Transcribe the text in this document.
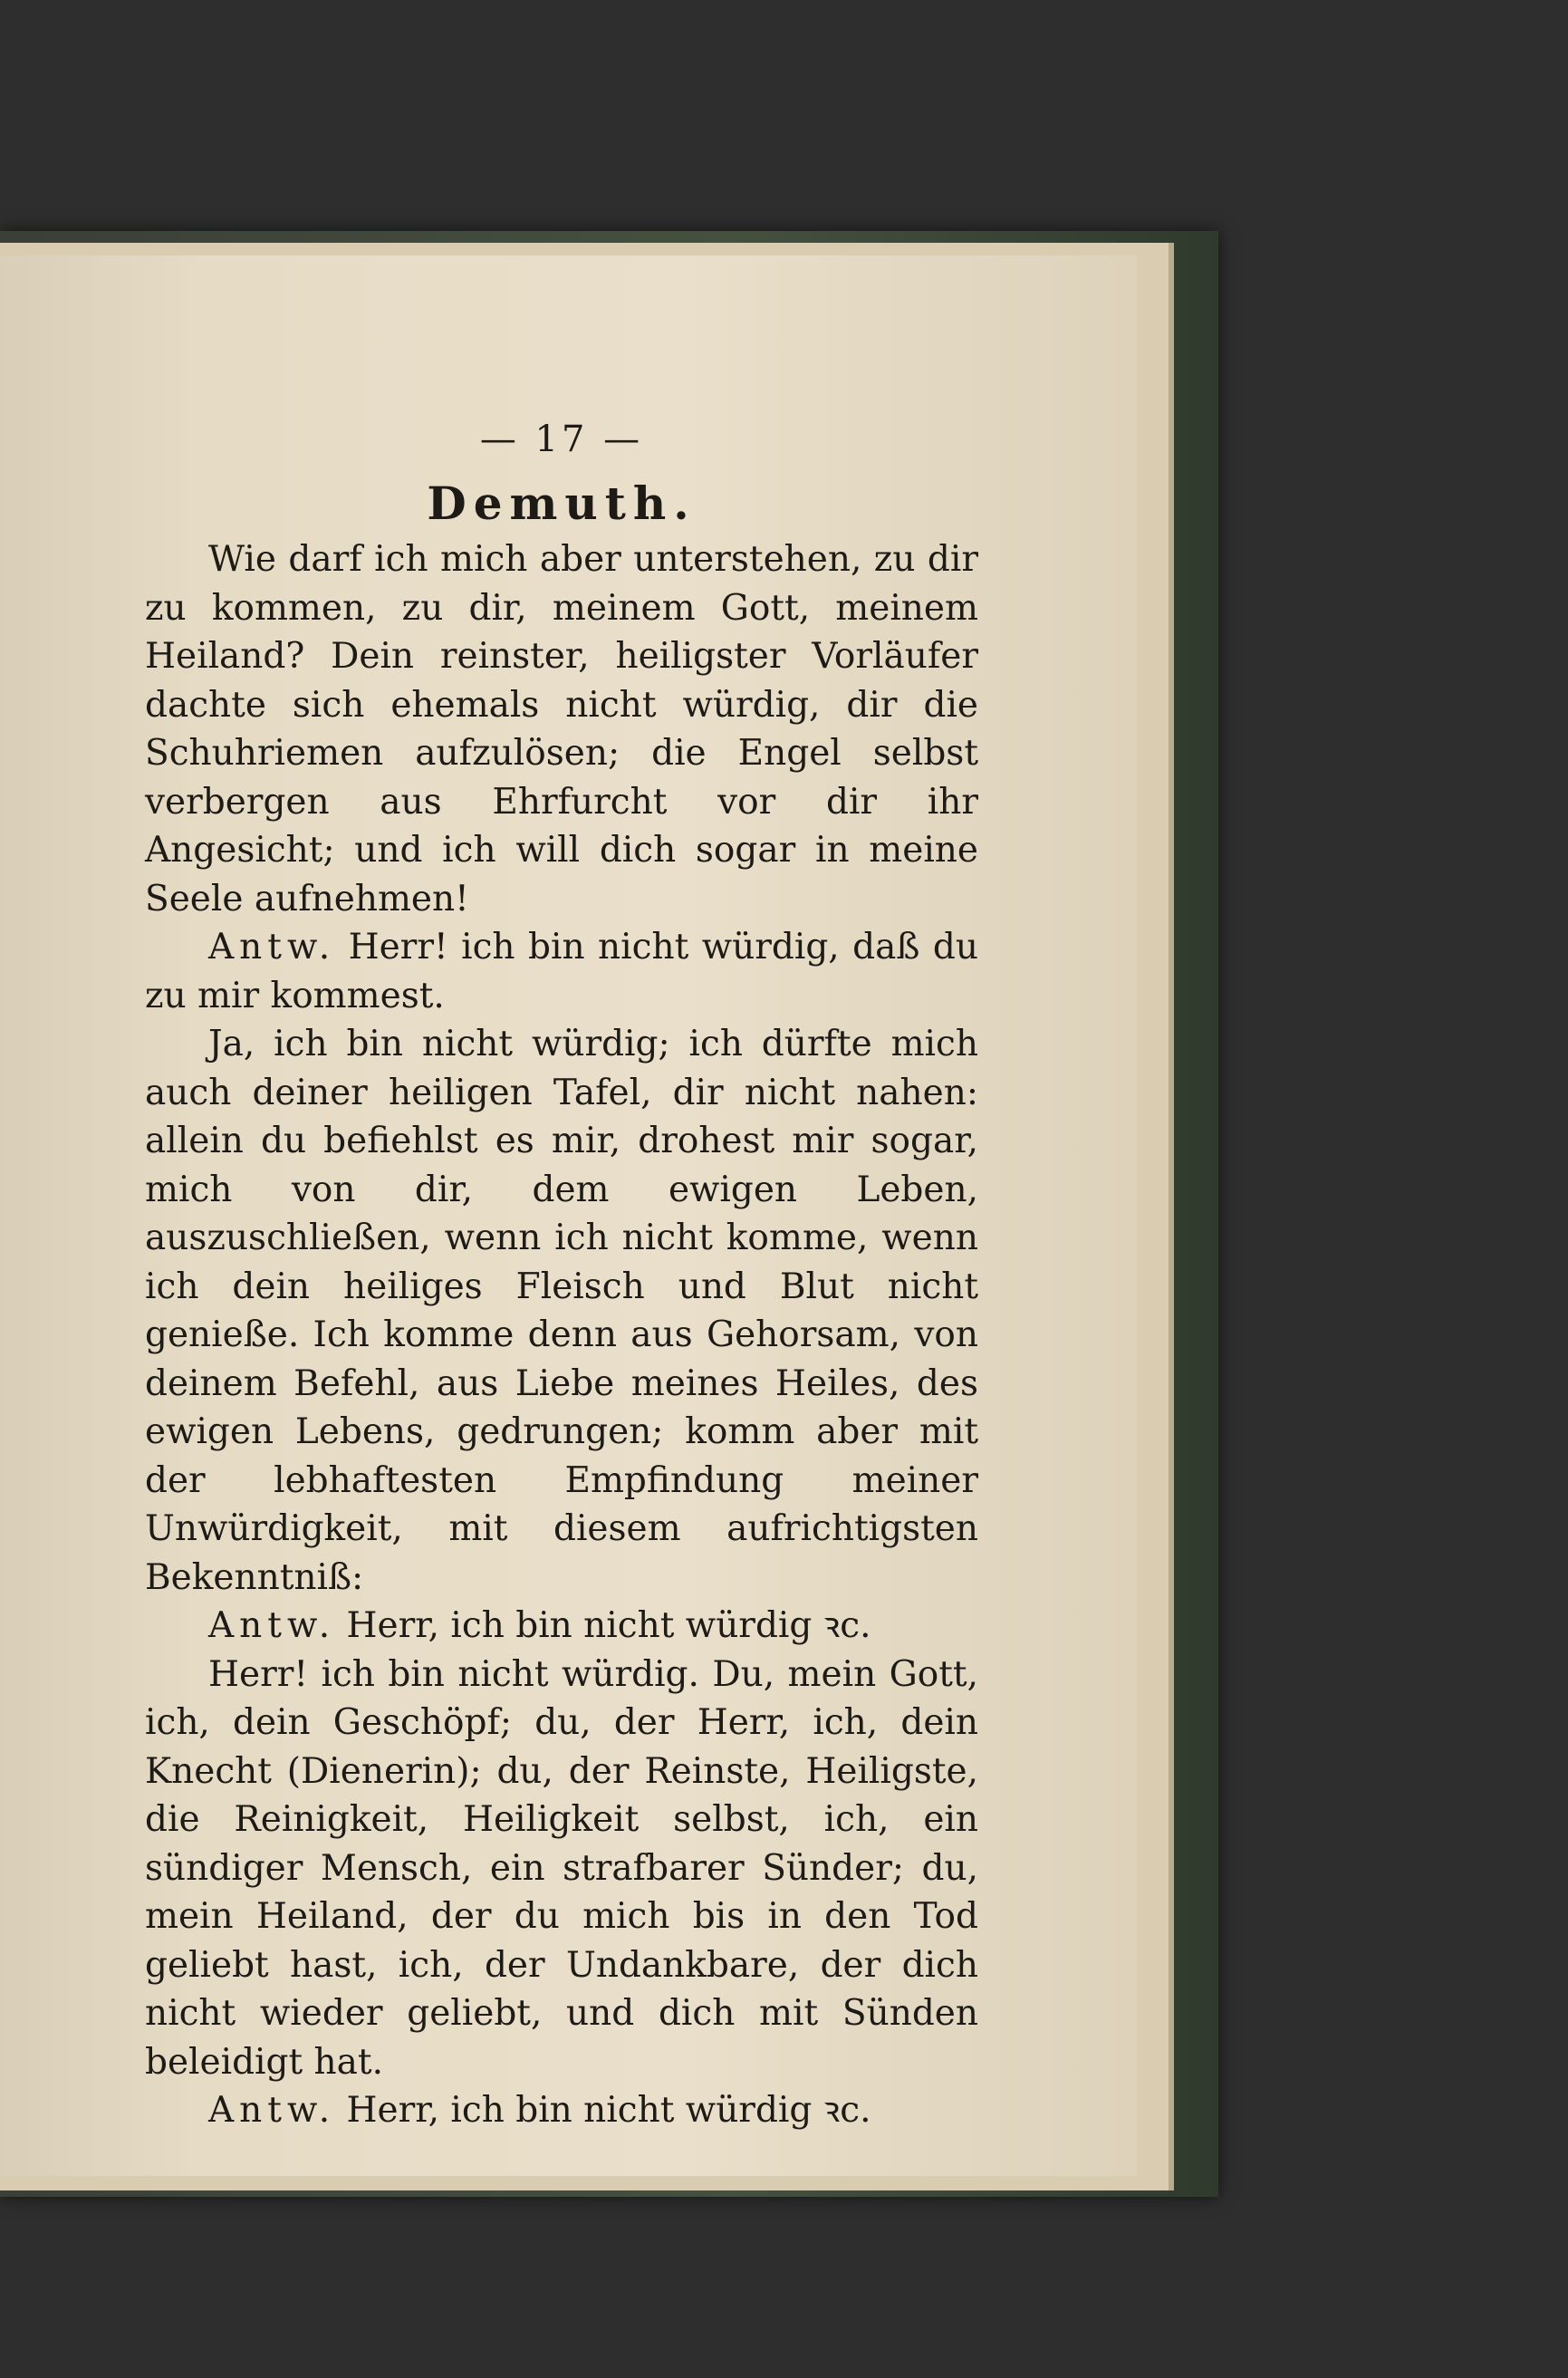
— 17 —

Demuth.

Wie darf ich mich aber unterstehen, zu dir zu kommen, zu dir, meinem Gott, meinem Heiland? Dein reinster, heiligster Vorläufer dachte sich ehemals nicht würdig, dir die Schuhriemen aufzulösen; die Engel selbst verbergen aus Ehrfurcht vor dir ihr Angesicht; und ich will dich sogar in meine Seele aufnehmen!

Antw. Herr! ich bin nicht würdig, daß du zu mir kommest.

Ja, ich bin nicht würdig; ich dürfte mich auch deiner heiligen Tafel, dir nicht nahen: allein du befiehlst es mir, drohest mir sogar, mich von dir, dem ewigen Leben, auszuschließen, wenn ich nicht komme, wenn ich dein heiliges Fleisch und Blut nicht genieße. Ich komme denn aus Gehorsam, von deinem Befehl, aus Liebe meines Heiles, des ewigen Lebens, gedrungen; komm aber mit der lebhaftesten Empfindung meiner Unwürdigkeit, mit diesem aufrichtigsten Bekenntniß:

Antw. Herr, ich bin nicht würdig ꝛc.

Herr! ich bin nicht würdig. Du, mein Gott, ich, dein Geschöpf; du, der Herr, ich, dein Knecht (Dienerin); du, der Reinste, Heiligste, die Reinigkeit, Heiligkeit selbst, ich, ein sündiger Mensch, ein strafbarer Sünder; du, mein Heiland, der du mich bis in den Tod geliebt hast, ich, der Undankbare, der dich nicht wieder geliebt, und dich mit Sünden beleidigt hat.

Antw. Herr, ich bin nicht würdig ꝛc.
